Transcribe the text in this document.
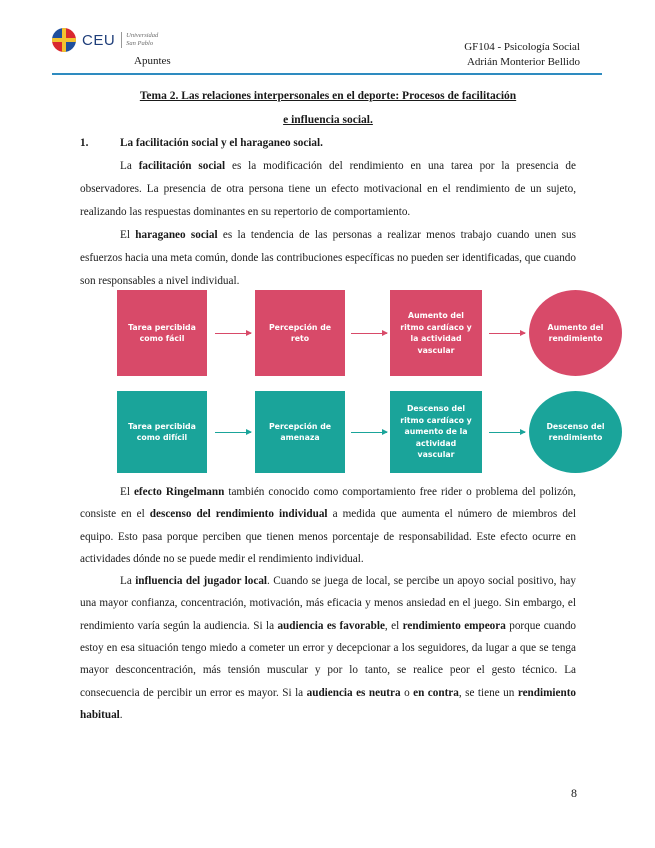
CEU	Universidad
San Pablo
Apuntes
GF104 - Psicología Social
Adrián Monterior Bellido

Tema 2. Las relaciones interpersonales en el deporte: Procesos de facilitación
e influencia social.

1.	La facilitación social y el haraganeo social.

La facilitación social es la modificación del rendimiento en una tarea por la presencia de observadores. La presencia de otra persona tiene un efecto motivacional en el rendimiento de un sujeto, realizando las respuestas dominantes en su repertorio de comportamiento.

El haraganeo social es la tendencia de las personas a realizar menos trabajo cuando unen sus esfuerzos hacia una meta común, donde las contribuciones específicas no pueden ser identificadas, que cuando son responsables a nivel individual.

Tarea percibida como fácil
Percepción de reto
Aumento del ritmo cardíaco y la actividad vascular
Aumento del rendimiento
Tarea percibida como difícil
Percepción de amenaza
Descenso del ritmo cardíaco y aumento de la actividad vascular
Descenso del rendimiento

El efecto Ringelmann también conocido como comportamiento free rider o problema del polizón, consiste en el descenso del rendimiento individual a medida que aumenta el número de miembros del equipo. Esto pasa porque perciben que tienen menos porcentaje de responsabilidad. Este efecto ocurre en actividades dónde no se puede medir el rendimiento individual.

La influencia del jugador local. Cuando se juega de local, se percibe un apoyo social positivo, hay una mayor confianza, concentración, motivación, más eficacia y menos ansiedad en el juego. Sin embargo, el rendimiento varía según la audiencia. Si la audiencia es favorable, el rendimiento empeora porque cuando estoy en esa situación tengo miedo a cometer un error y decepcionar a los seguidores, da lugar a que se tenga mayor desconcentración, más tensión muscular y por lo tanto, se realice peor el gesto técnico. La consecuencia de percibir un error es mayor. Si la audiencia es neutra o en contra, se tiene un rendimiento habitual.

8
